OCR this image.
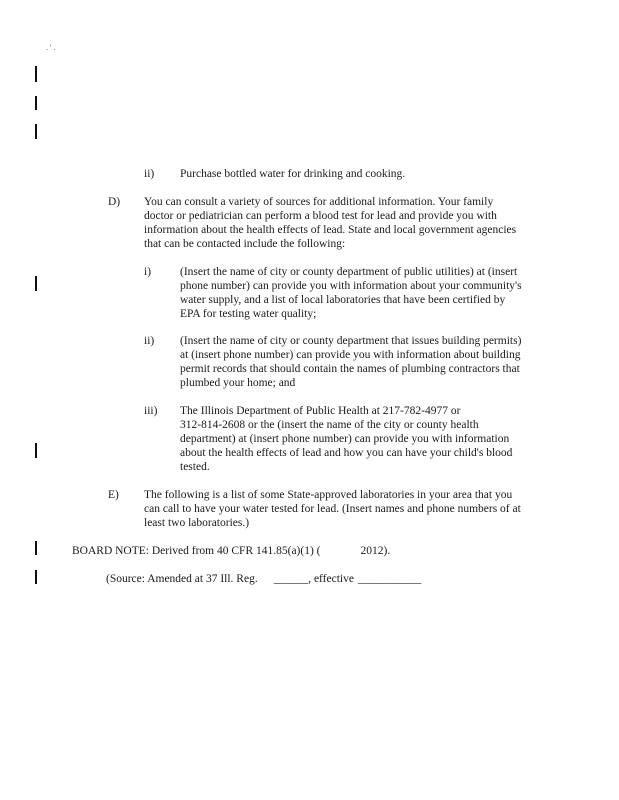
. ' .
ii) Purchase bottled water for drinking and cooking.
D) You can consult a variety of sources for additional information. Your family
doctor or pediatrician can perform a blood test for lead and provide you with
information about the health effects of lead. State and local government agencies
that can be contacted include the following:
i)	(Insert the name of city or county department of public utilities) at (insert
phone number) can provide you with information about your community's
water supply, and a list of local laboratories that have been certified by
EPA for testing water quality;
ii) (Insert the name of city or county department that issues building permits)
at (insert phone number) can provide you with information about building
permit records that should contain the names of plumbing contractors that
plumbed your home; and
iii) The Illinois Department of Public Health at 217-782-4977 or
312-814-2608 or the (insert the name of the city or county health
department) at (insert phone number) can provide you with information
about the health effects of lead and how you can have your child's blood
tested.
E) The following is a list of some State-approved laboratories in your area that you
can call to have your water tested for lead. (Insert names and phone numbers of at
least two laboratories.)
BOARD NOTE: Derived from 40 CFR 141.85(a)(1) (	2012).
(Source: Amended at 37 Ill. Reg. ______, effective ___________
